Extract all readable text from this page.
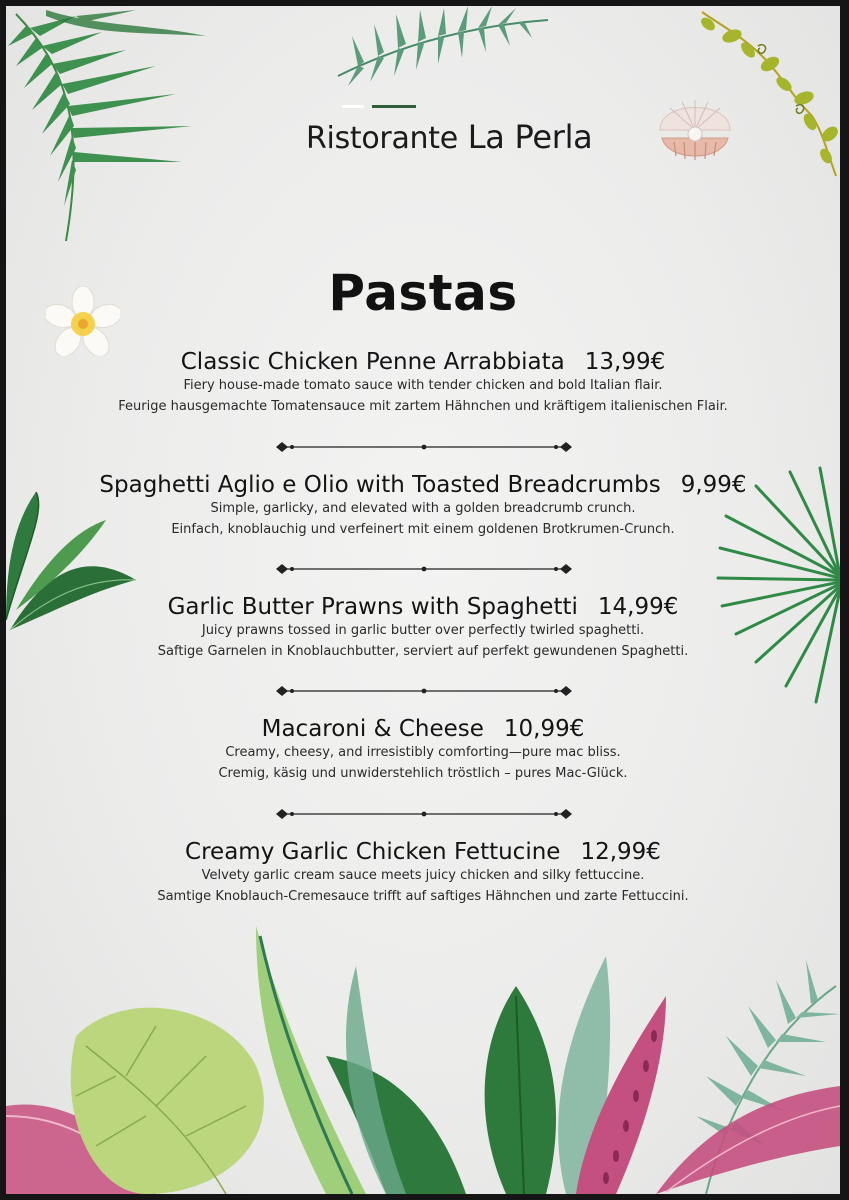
Ristorante La Perla
Pastas
Classic Chicken Penne Arrabbiata 13,99€
Fiery house-made tomato sauce with tender chicken and bold Italian flair.
Feurige hausgemachte Tomatensauce mit zartem Hähnchen und kräftigem italienischen Flair.
Spaghetti Aglio e Olio with Toasted Breadcrumbs 9,99€
Simple, garlicky, and elevated with a golden breadcrumb crunch.
Einfach, knoblauchig und verfeinert mit einem goldenen Brotkrumen-Crunch.
Garlic Butter Prawns with Spaghetti 14,99€
Juicy prawns tossed in garlic butter over perfectly twirled spaghetti.
Saftige Garnelen in Knoblauchbutter, serviert auf perfekt gewundenen Spaghetti.
Macaroni & Cheese 10,99€
Creamy, cheesy, and irresistibly comforting—pure mac bliss.
Cremig, käsig und unwiderstehlich tröstlich – pures Mac-Glück.
Creamy Garlic Chicken Fettucine 12,99€
Velvety garlic cream sauce meets juicy chicken and silky fettuccine.
Samtige Knoblauch-Cremesauce trifft auf saftiges Hähnchen und zarte Fettuccini.
